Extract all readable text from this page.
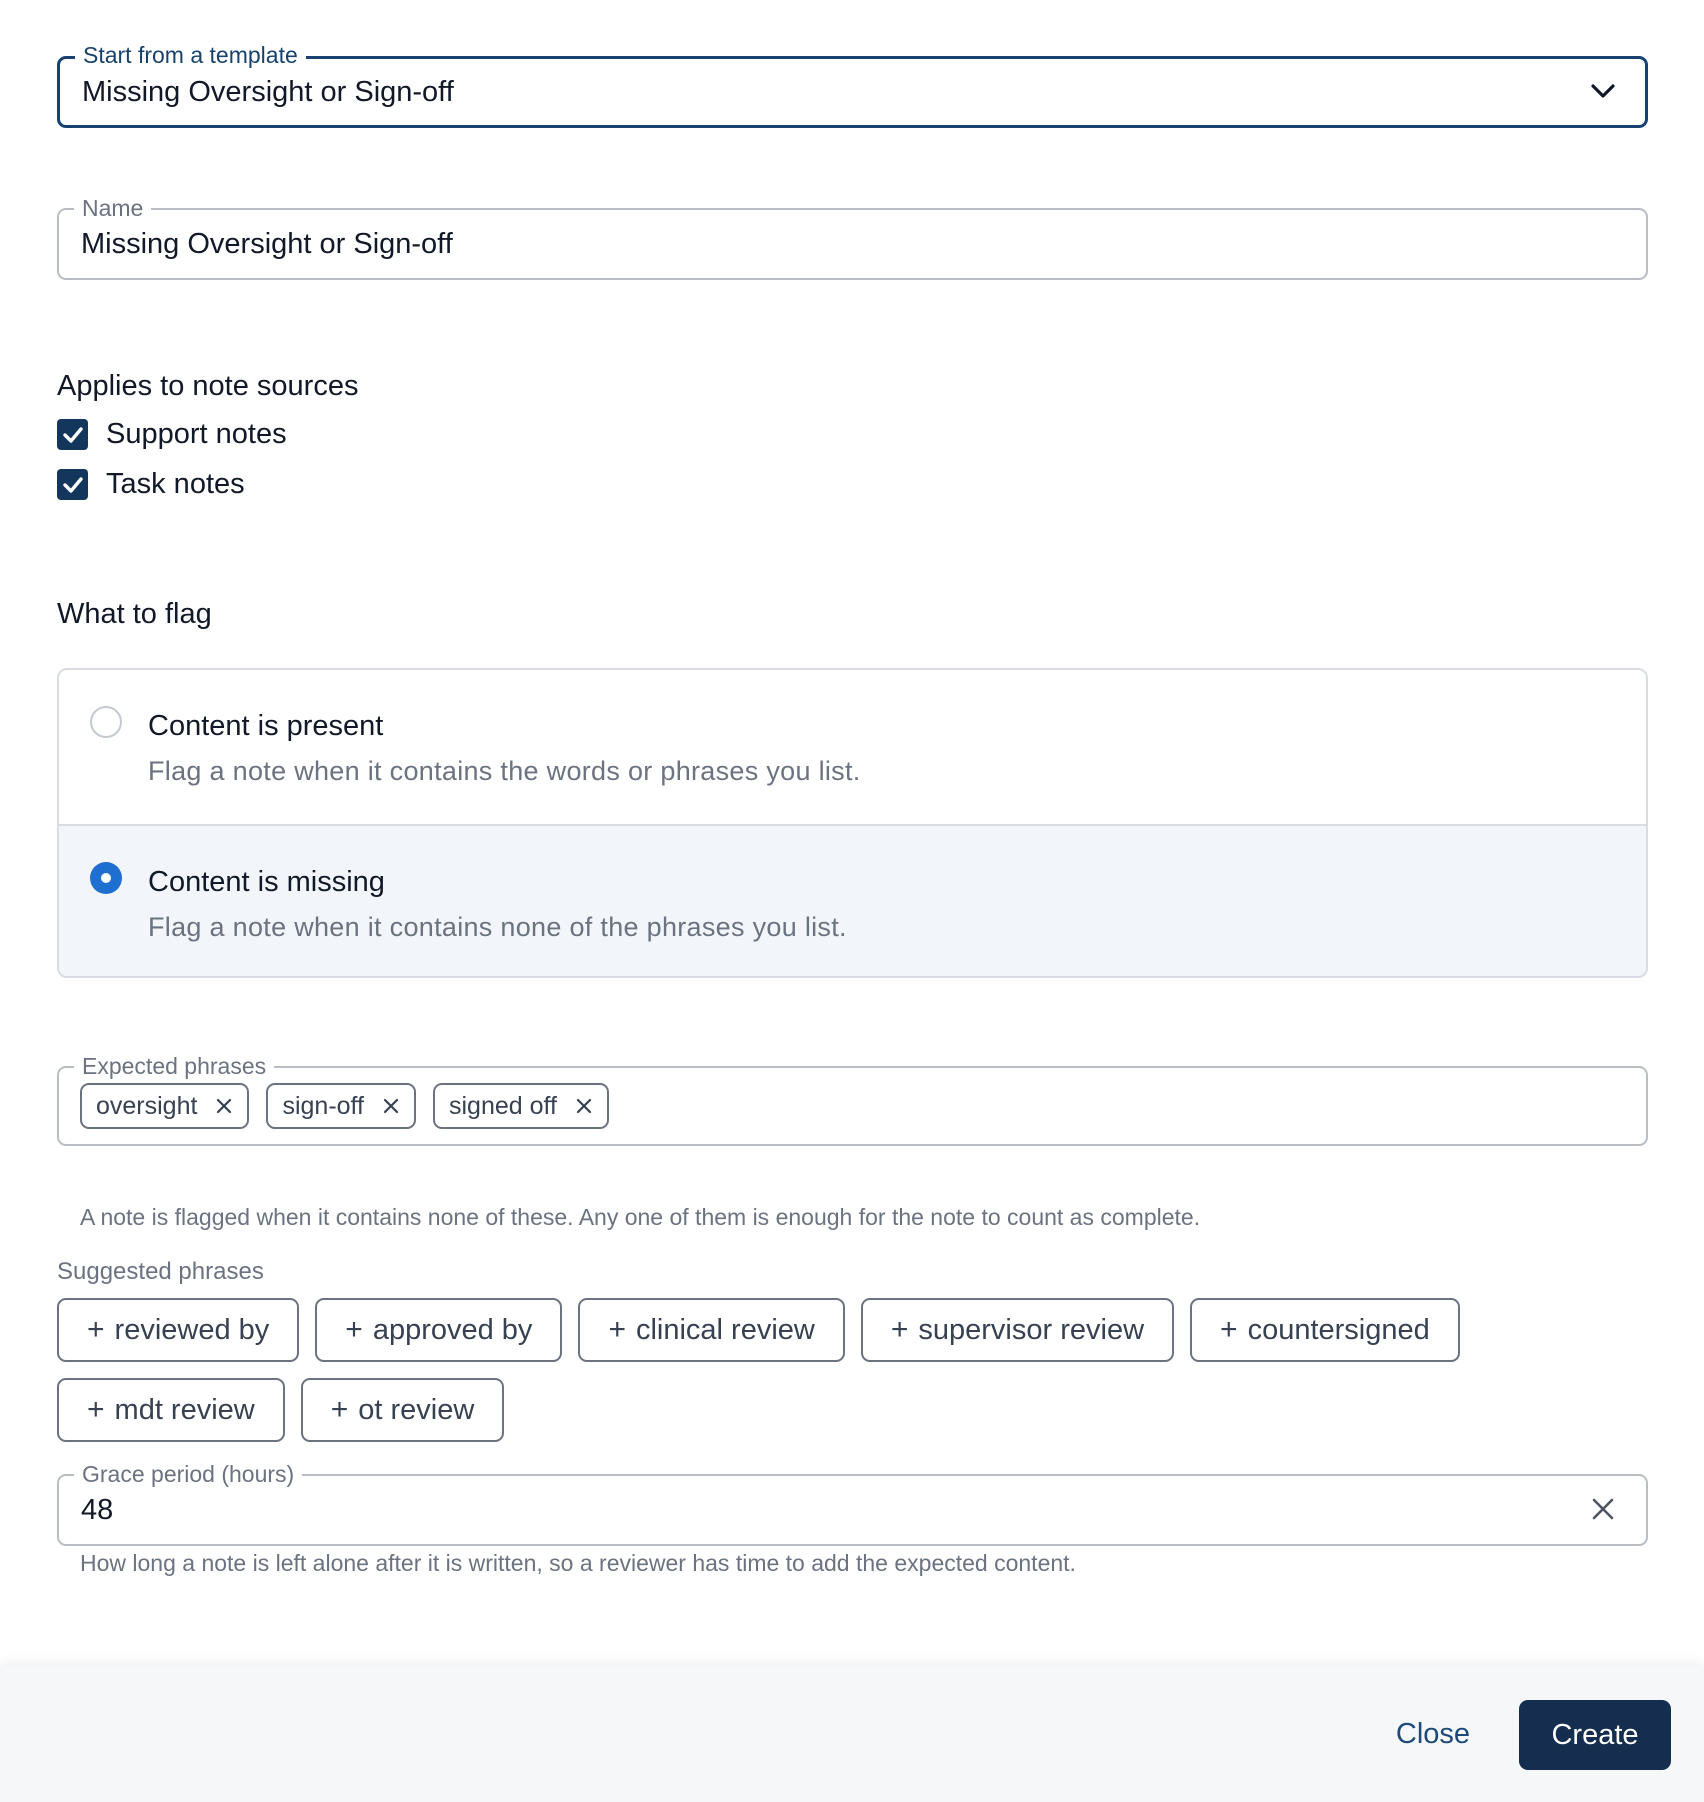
Start from a template
Missing Oversight or Sign-off
Name
Missing Oversight or Sign-off
Applies to note sources
Support notes
Task notes
What to flag
Content is present
Flag a note when it contains the words or phrases you list.
Content is missing
Flag a note when it contains none of the phrases you list.
Expected phrases
oversight	sign-off	signed off
A note is flagged when it contains none of these. Any one of them is enough for the note to count as complete.
Suggested phrases
+ reviewed by	+ approved by	+ clinical review	+ supervisor review	+ countersigned
+ mdt review	+ ot review
Grace period (hours)
48
How long a note is left alone after it is written, so a reviewer has time to add the expected content.
Close	Create
